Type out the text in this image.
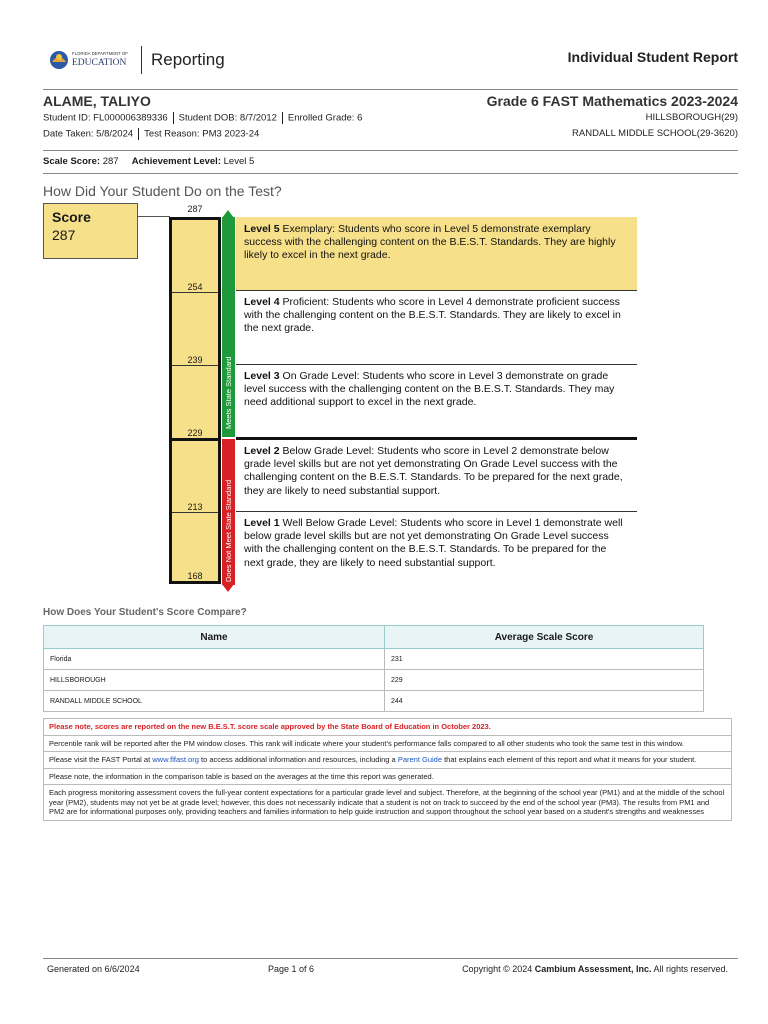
FLORIDA DEPARTMENT OF
EDUCATION Reporting	Individual Student Report
ALAME, TALIYO	Grade 6 FAST Mathematics 2023-2024
Student ID: FL000006389336 Student DOB: 8/7/2012 Enrolled Grade: 6	HILLSBOROUGH(29)
Date Taken: 5/8/2024 Test Reason: PM3 2023-24	RANDALL MIDDLE SCHOOL(29-3620)
Scale Score: 287 Achievement Level: Level 5
How Did Your Student Do on the Test?
Score
287
287
254
239
229
213
168
Meets State Standard
Does Not Meet State Standard
Level 5 Exemplary: Students who score in Level 5 demonstrate exemplary success with the challenging content on the B.E.S.T. Standards. They are highly likely to excel in the next grade.
Level 4 Proficient: Students who score in Level 4 demonstrate proficient success with the challenging content on the B.E.S.T. Standards. They are likely to excel in the next grade.
Level 3 On Grade Level: Students who score in Level 3 demonstrate on grade level success with the challenging content on the B.E.S.T. Standards. They may need additional support to excel in the next grade.
Level 2 Below Grade Level: Students who score in Level 2 demonstrate below grade level skills but are not yet demonstrating On Grade Level success with the challenging content on the B.E.S.T. Standards. To be prepared for the next grade, they are likely to need substantial support.
Level 1 Well Below Grade Level: Students who score in Level 1 demonstrate well below grade level skills but are not yet demonstrating On Grade Level success with the challenging content on the B.E.S.T. Standards. To be prepared for the next grade, they are likely to need substantial support.
How Does Your Student's Score Compare?
Name	Average Scale Score
Florida	231
HILLSBOROUGH	229
RANDALL MIDDLE SCHOOL	244
Please note, scores are reported on the new B.E.S.T. score scale approved by the State Board of Education in October 2023.
Percentile rank will be reported after the PM window closes. This rank will indicate where your student's performance falls compared to all other students who took the same test in this window.
Please visit the FAST Portal at www.flfast.org to access additional information and resources, including a Parent Guide that explains each element of this report and what it means for your student.
Please note, the information in the comparison table is based on the averages at the time this report was generated.
Each progress monitoring assessment covers the full-year content expectations for a particular grade level and subject. Therefore, at the beginning of the school year (PM1) and at the middle of the school year (PM2), students may not yet be at grade level; however, this does not necessarily indicate that a student is not on track to succeed by the end of the school year (PM3). The results from PM1 and PM2 are for informational purposes only, providing teachers and families information to help guide instruction and support throughout the school year based on a student's strengths and weaknesses
Generated on 6/6/2024	Page 1 of 6	Copyright © 2024 Cambium Assessment, Inc. All rights reserved.
